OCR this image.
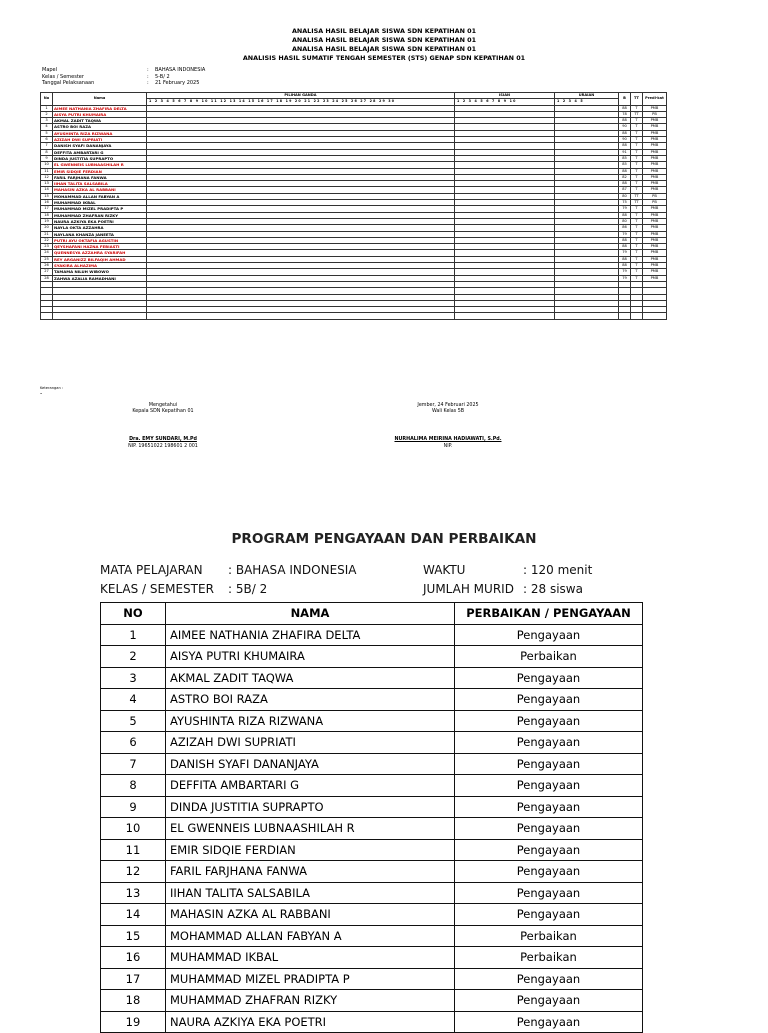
ANALISA HASIL BELAJAR SISWA SDN KEPATIHAN 01
ANALISA HASIL BELAJAR SISWA SDN KEPATIHAN 01
ANALISA HASIL BELAJAR SISWA SDN KEPATIHAN 01
ANALISIS HASIL SUMATIF TENGAH SEMESTER (STS) GENAP SDN KEPATIHAN 01
Mapel	:	BAHASA INDONESIA
Kelas / Semester	:	5-B/ 2
Tanggal Pelaksanaan	:	21 February 2025
No	Nama	PILIHAN GANDA	ISIAN	URAIAN	B	TT	Predi-kat
		1 2 3 4 5 6 7 8 9 10 11 12 13 14 15 16 17 18 19 20 21 22 23 24 25 26 27 28 29 30	1 2 3 4 5 6 7 8 9 10	1 2 3 4 5			
1	AIMEE NATHANIA ZHAFIRA DELTA				88	T	PMB
2	AISYA PUTRI KHUMAIRA				78	TT	PB
3	AKMAL ZADIT TAQWA				88	T	PMB
4	ASTRO BOI RAZA				90	T	PMB
5	AYUSHINTA RIZA RIZWANA				88	T	PMB
6	AZIZAH DWI SUPRIATI				90	T	PMB
7	DANISH SYAFI DANANJAYA				88	T	PMB
8	DEFFITA AMBARTARI G				91	T	PMB
9	DINDA JUSTITIA SUPRAPTO				85	T	PMB
10	EL GWENNEIS LUBNAASHILAH R				85	T	PMB
11	EMIR SIDQIE FERDIAN				88	T	PMB
12	FARIL FARJHANA FANWA				82	T	PMB
13	IIHAN TALITA SALSABILA				88	T	PMB
14	MAHASIN AZKA AL RABBANI				87	T	PMB
15	MOHAMMAD ALLAN FABYAN A				80	TT	PB
16	MUHAMMAD IKBAL				75	TT	PB
17	MUHAMMAD MIZEL PRADIPTA P				79	T	PMB
18	MUHAMMAD ZHAFRAN RIZKY				88	T	PMB
19	NAURA AZKIYA EKA POETRI				80	T	PMB
20	NAYLA OKTA AZZAHRA				86	T	PMB
21	NAYLANA KHANZA JANEETA				79	T	PMB
22	PUTRI AYU OKTAFIA AGUSTIN				88	T	PMB
23	QEYSHAFANI HAZNA FEBIASTI				88	T	PMB
24	QUENNESYA AZZAHRA SYARIFAH				79	T	PMB
25	REY ARGANIZZ BILFAQIH AHMAD				88	T	PMB
26	SYAKIRA ALHAZIMA				88	T	PMB
27	TAMAMA NILUH WIBOWO				79	T	PMB
28	ZAHWA AZALIA RAMADHANI				79	T	PMB

Keterangan :
•
Mengetahui
Kepala SDN Kepatihan 01
Dra. EMY SUNDARI, M.Pd
NIP. 19651022 198601 2 001
Jember, 24 Februari 2025
Wali Kelas 5B
NURHALIMA MEIRINA HADIAWATI, S.Pd.
NIP.
PROGRAM PENGAYAAN DAN PERBAIKAN
MATA PELAJARAN : BAHASA INDONESIA
KELAS / SEMESTER : 5B/ 2
WAKTU	: 120 menit
JUMLAH MURID : 28 siswa
NO	NAMA	PERBAIKAN / PENGAYAAN
1	AIMEE NATHANIA ZHAFIRA DELTA	Pengayaan
2	AISYA PUTRI KHUMAIRA	Perbaikan
3	AKMAL ZADIT TAQWA	Pengayaan
4	ASTRO BOI RAZA	Pengayaan
5	AYUSHINTA RIZA RIZWANA	Pengayaan
6	AZIZAH DWI SUPRIATI	Pengayaan
7	DANISH SYAFI DANANJAYA	Pengayaan
8	DEFFITA AMBARTARI G	Pengayaan
9	DINDA JUSTITIA SUPRAPTO	Pengayaan
10	EL GWENNEIS LUBNAASHILAH R	Pengayaan
11	EMIR SIDQIE FERDIAN	Pengayaan
12	FARIL FARJHANA FANWA	Pengayaan
13	IIHAN TALITA SALSABILA	Pengayaan
14	MAHASIN AZKA AL RABBANI	Pengayaan
15	MOHAMMAD ALLAN FABYAN A	Perbaikan
16	MUHAMMAD IKBAL	Perbaikan
17	MUHAMMAD MIZEL PRADIPTA P	Pengayaan
18	MUHAMMAD ZHAFRAN RIZKY	Pengayaan
19	NAURA AZKIYA EKA POETRI	Pengayaan
